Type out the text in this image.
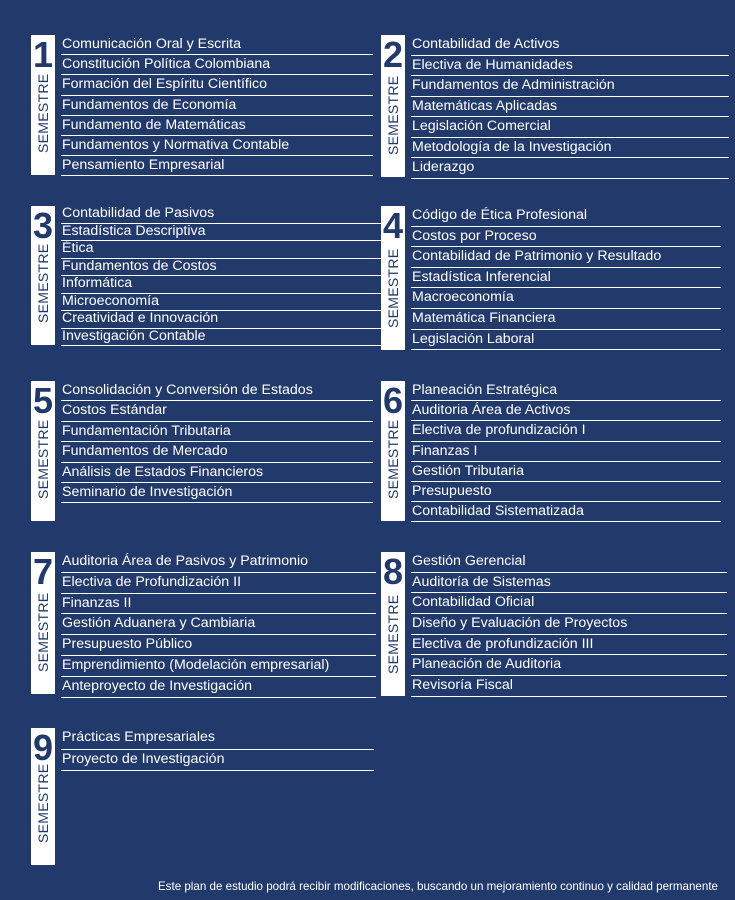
1
SEMESTRE
Comunicación Oral y Escrita
Constitución Política Colombiana
Formación del Espíritu Científico
Fundamentos de Economía
Fundamento de Matemáticas
Fundamentos y Normativa Contable
Pensamiento Empresarial
2
SEMESTRE
Contabilidad de Activos
Electiva de Humanidades
Fundamentos de Administración
Matemáticas Aplicadas
Legislación Comercial
Metodología de la Investigación
Liderazgo
3
SEMESTRE
Contabilidad de Pasivos
Estadística Descriptiva
Ética
Fundamentos de Costos
Informática
Microeconomía
Creatividad e Innovación
Investigación Contable
4
SEMESTRE
Código de Ética Profesional
Costos por Proceso
Contabilidad de Patrimonio y Resultado
Estadística Inferencial
Macroeconomía
Matemática Financiera
Legislación Laboral
5
SEMESTRE
Consolidación y Conversión de Estados
Costos Estándar
Fundamentación Tributaria
Fundamentos de Mercado
Análisis de Estados Financieros
Seminario de Investigación
6
SEMESTRE
Planeación Estratégica
Auditoria Área de Activos
Electiva de profundización I
Finanzas I
Gestión Tributaria
Presupuesto
Contabilidad Sistematizada
7
SEMESTRE
Auditoria Área de Pasivos y Patrimonio
Electiva de Profundización II
Finanzas II
Gestión Aduanera y Cambiaria
Presupuesto Público
Emprendimiento (Modelación empresarial)
Anteproyecto de Investigación
8
SEMESTRE
Gestión Gerencial
Auditoría de Sistemas
Contabilidad Oficial
Diseño y Evaluación de Proyectos
Electiva de profundización III
Planeación de Auditoria
Revisoría Fiscal
9
SEMESTRE
Prácticas Empresariales
Proyecto de Investigación
Este plan de estudio podrá recibir modificaciones, buscando un mejoramiento continuo y calidad permanente
